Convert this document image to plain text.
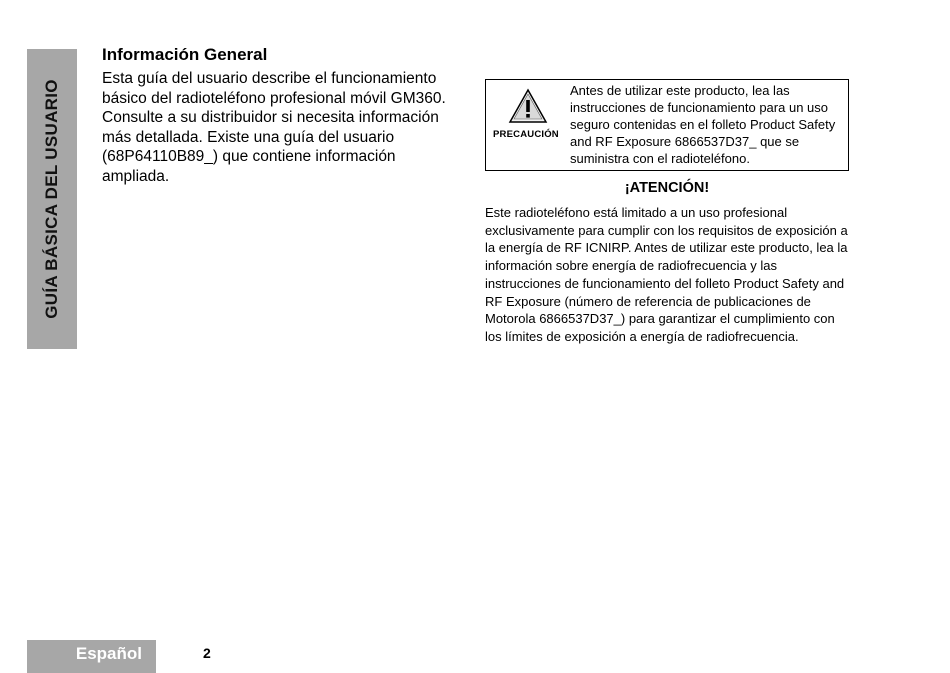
GUÍA BÁSICA DEL USUARIO
Información General

Esta guía del usuario describe el funcionamiento básico del radioteléfono profesional móvil GM360. Consulte a su distribuidor si necesita información más detallada. Existe una guía del usuario (68P64110B89_) que contiene información ampliada.

PRECAUCIÓN

Antes de utilizar este producto, lea las instrucciones de funcionamiento para un uso seguro contenidas en el folleto Product Safety and RF Exposure 6866537D37_ que se suministra con el radioteléfono.

¡ATENCIÓN!

Este radioteléfono está limitado a un uso profesional exclusivamente para cumplir con los requisitos de exposición a la energía de RF ICNIRP. Antes de utilizar este producto, lea la información sobre energía de radiofrecuencia y las instrucciones de funcionamiento del folleto Product Safety and RF Exposure (número de referencia de publicaciones de Motorola 6866537D37_) para garantizar el cumplimiento con los límites de exposición a energía de radiofrecuencia.

Español	2
